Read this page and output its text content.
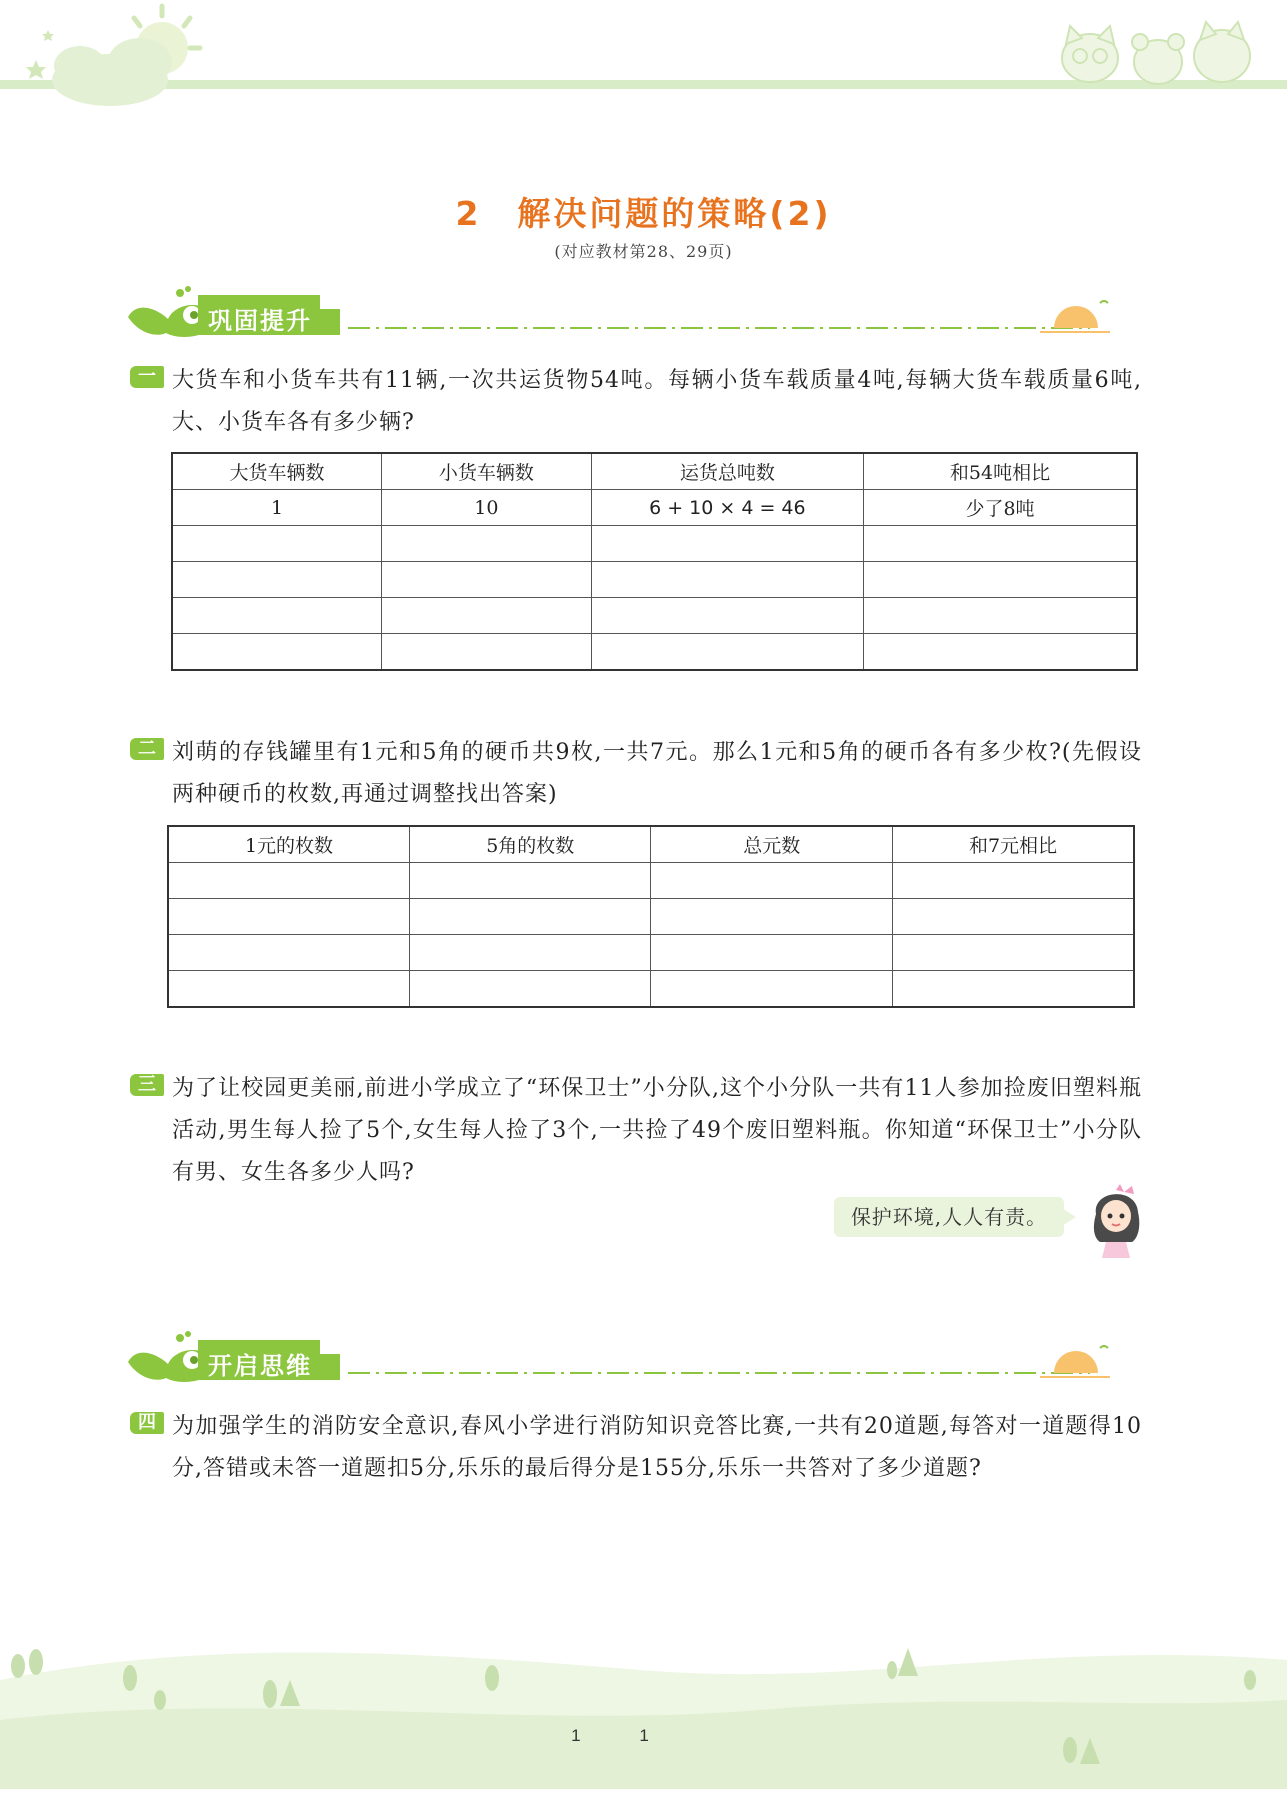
2　解决问题的策略(2)
(对应教材第28、29页)
巩固提升
一 大货车和小货车共有11辆,一次共运货物54吨。每辆小货车载质量4吨,每辆大货车载质量6吨,大、小货车各有多少辆?
大货车辆数	小货车辆数	运货总吨数	和54吨相比
1	10	6 + 10 × 4 = 46	少了8吨

二 刘萌的存钱罐里有1元和5角的硬币共9枚,一共7元。那么1元和5角的硬币各有多少枚?(先假设两种硬币的枚数,再通过调整找出答案)
1元的枚数	5角的枚数	总元数	和7元相比

三 为了让校园更美丽,前进小学成立了“环保卫士”小分队,这个小分队一共有11人参加捡废旧塑料瓶活动,男生每人捡了5个,女生每人捡了3个,一共捡了49个废旧塑料瓶。你知道“环保卫士”小分队有男、女生各多少人吗?
保护环境,人人有责。
开启思维
四 为加强学生的消防安全意识,春风小学进行消防知识竞答比赛,一共有20道题,每答对一道题得10分,答错或未答一道题扣5分,乐乐的最后得分是155分,乐乐一共答对了多少道题?
11
